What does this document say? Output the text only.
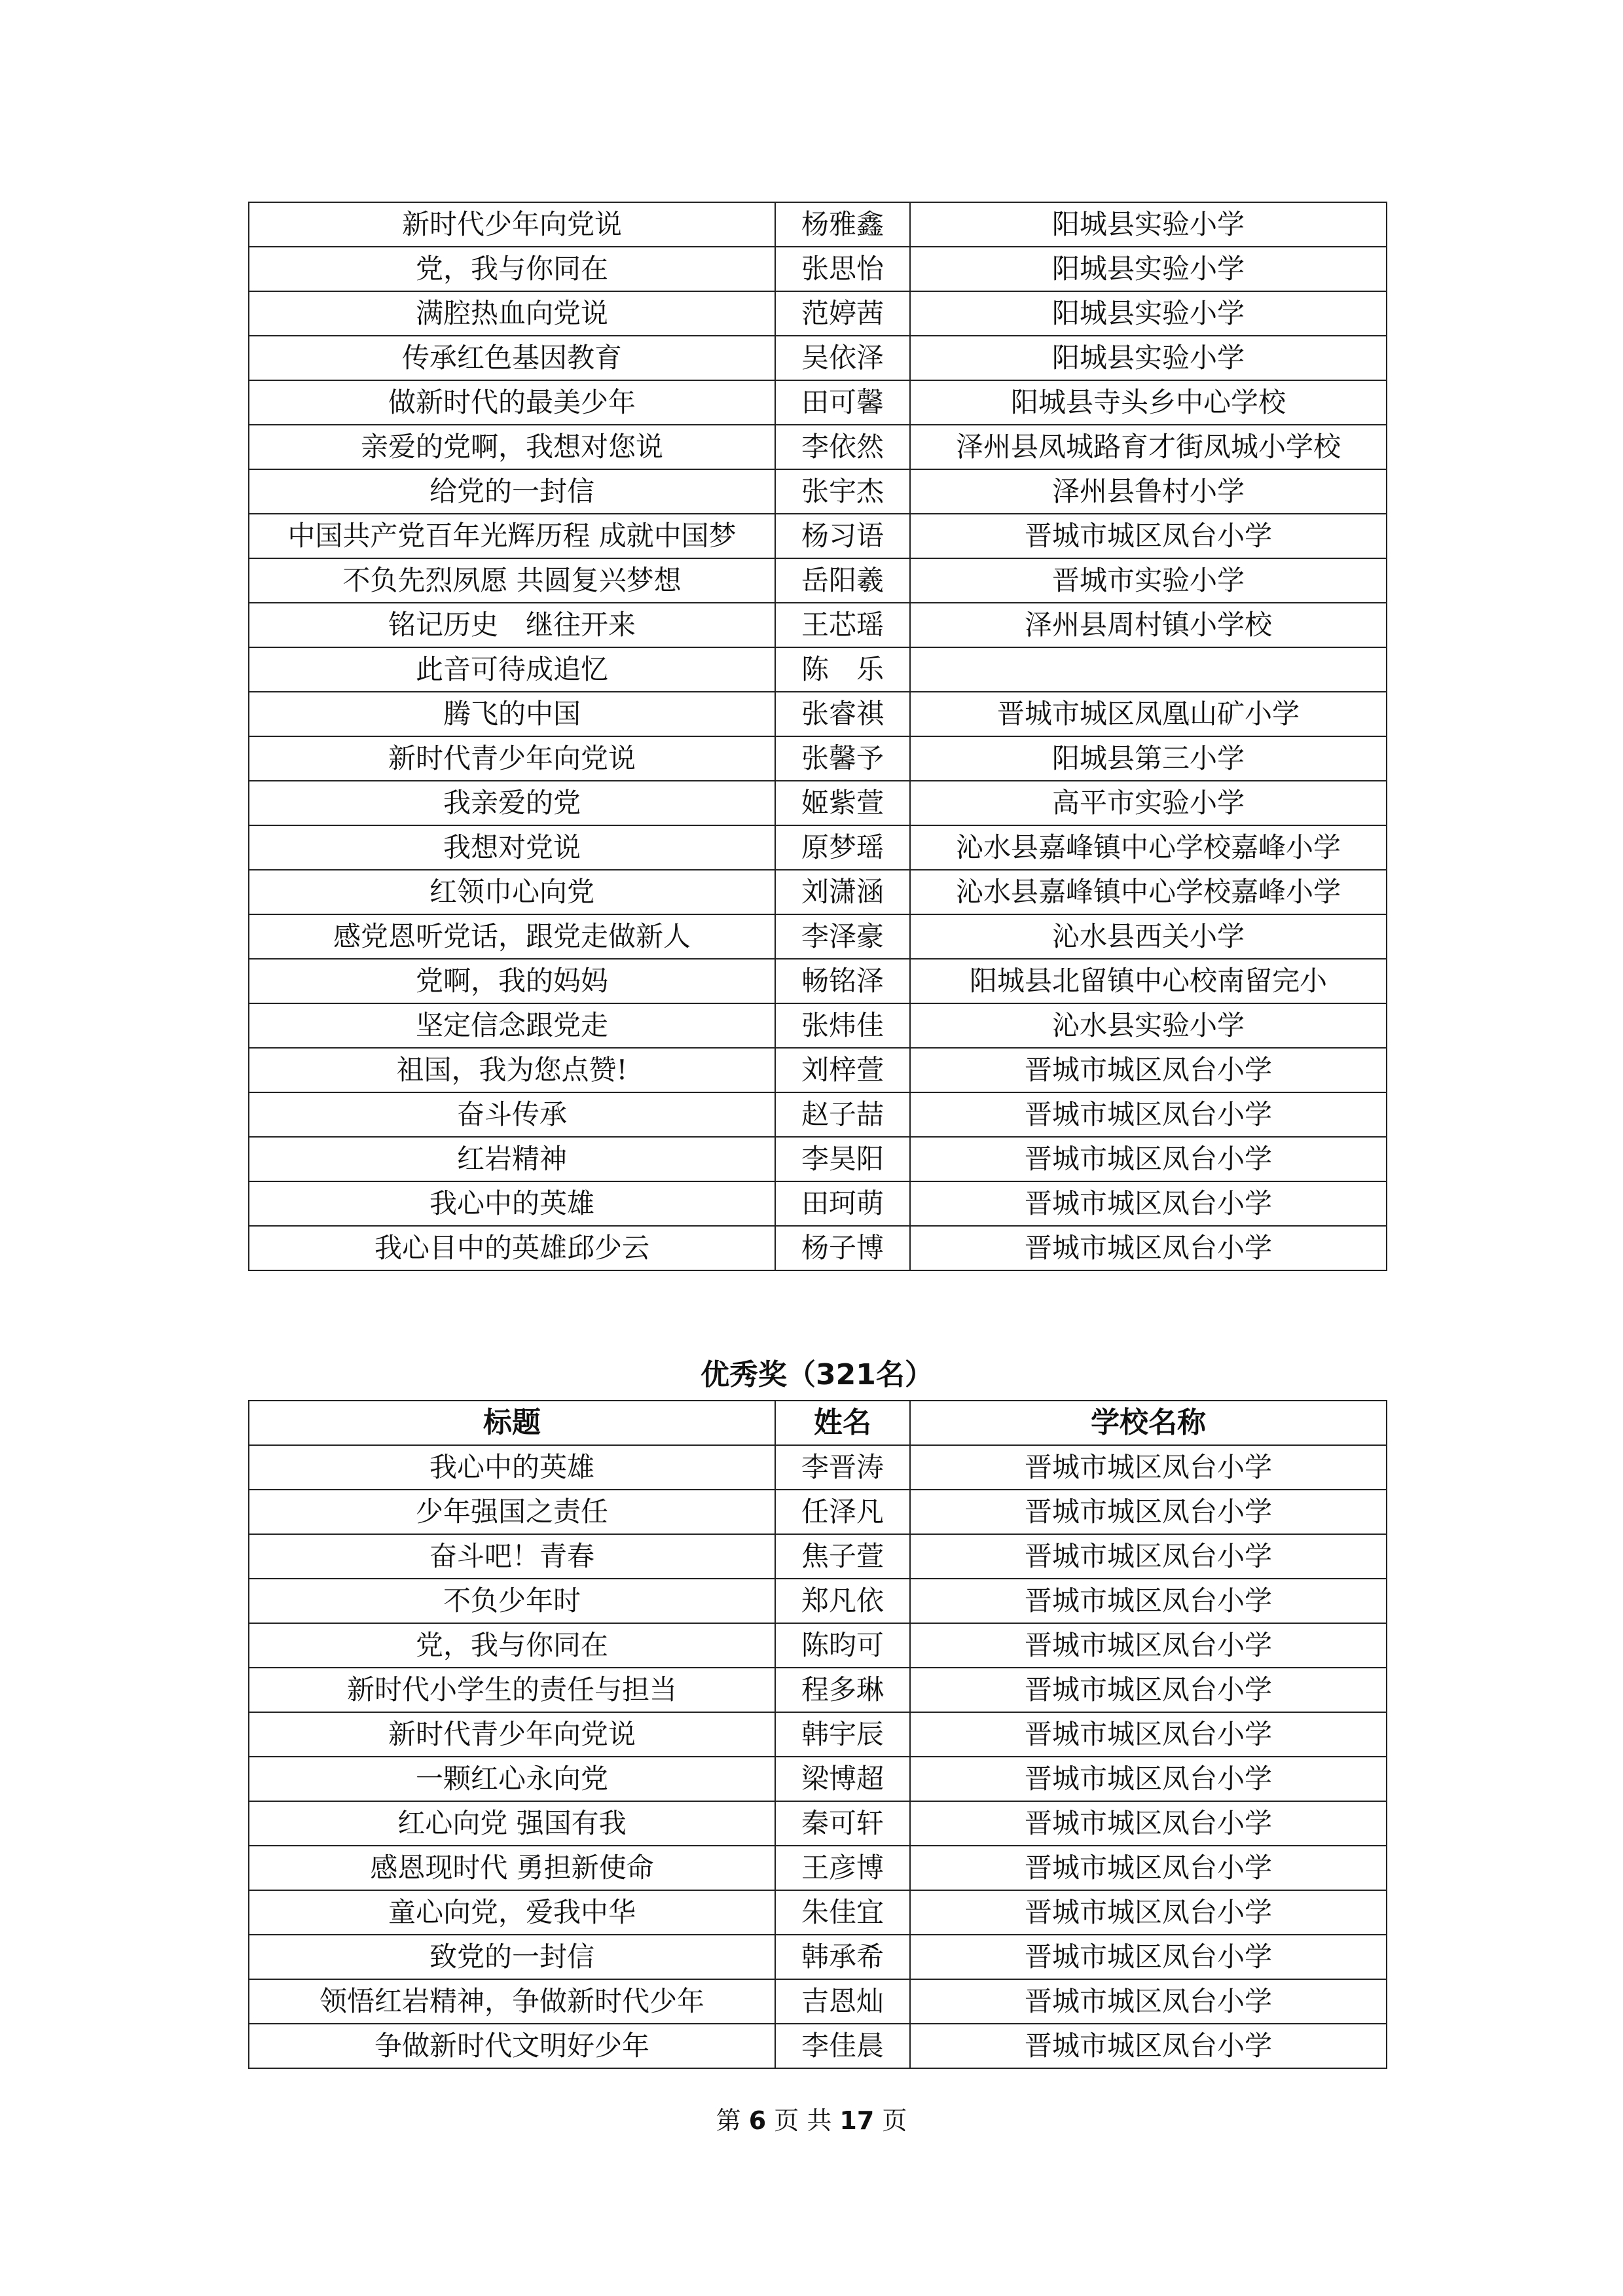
新时代少年向党说	杨雅鑫	阳城县实验小学
党，我与你同在	张思怡	阳城县实验小学
满腔热血向党说	范婷茜	阳城县实验小学
传承红色基因教育	吴依泽	阳城县实验小学
做新时代的最美少年	田可馨	阳城县寺头乡中心学校
亲爱的党啊，我想对您说	李依然	泽州县凤城路育才街凤城小学校
给党的一封信	张宇杰	泽州县鲁村小学
中国共产党百年光辉历程 成就中国梦	杨习语	晋城市城区凤台小学
不负先烈夙愿 共圆复兴梦想	岳阳羲	晋城市实验小学
铭记历史　继往开来	王芯瑶	泽州县周村镇小学校
此音可待成追忆	陈　乐	
腾飞的中国	张睿祺	晋城市城区凤凰山矿小学
新时代青少年向党说	张馨予	阳城县第三小学
我亲爱的党	姬紫萱	高平市实验小学
我想对党说	原梦瑶	沁水县嘉峰镇中心学校嘉峰小学
红领巾心向党	刘潇涵	沁水县嘉峰镇中心学校嘉峰小学
感党恩听党话，跟党走做新人	李泽豪	沁水县西关小学
党啊，我的妈妈	畅铭泽	阳城县北留镇中心校南留完小
坚定信念跟党走	张炜佳	沁水县实验小学
祖国，我为您点赞!	刘梓萱	晋城市城区凤台小学
奋斗传承	赵子喆	晋城市城区凤台小学
红岩精神	李昊阳	晋城市城区凤台小学
我心中的英雄	田珂萌	晋城市城区凤台小学
我心目中的英雄邱少云	杨子博	晋城市城区凤台小学
优秀奖（321名）
标题	姓名	学校名称
我心中的英雄	李晋涛	晋城市城区凤台小学
少年强国之责任	任泽凡	晋城市城区凤台小学
奋斗吧！青春	焦子萱	晋城市城区凤台小学
不负少年时	郑凡依	晋城市城区凤台小学
党，我与你同在	陈昀可	晋城市城区凤台小学
新时代小学生的责任与担当	程多琳	晋城市城区凤台小学
新时代青少年向党说	韩宇辰	晋城市城区凤台小学
一颗红心永向党	梁博超	晋城市城区凤台小学
红心向党 强国有我	秦可轩	晋城市城区凤台小学
感恩现时代 勇担新使命	王彦博	晋城市城区凤台小学
童心向党，爱我中华	朱佳宜	晋城市城区凤台小学
致党的一封信	韩承希	晋城市城区凤台小学
领悟红岩精神，争做新时代少年	吉恩灿	晋城市城区凤台小学
争做新时代文明好少年	李佳晨	晋城市城区凤台小学
第 6 页 共 17 页
